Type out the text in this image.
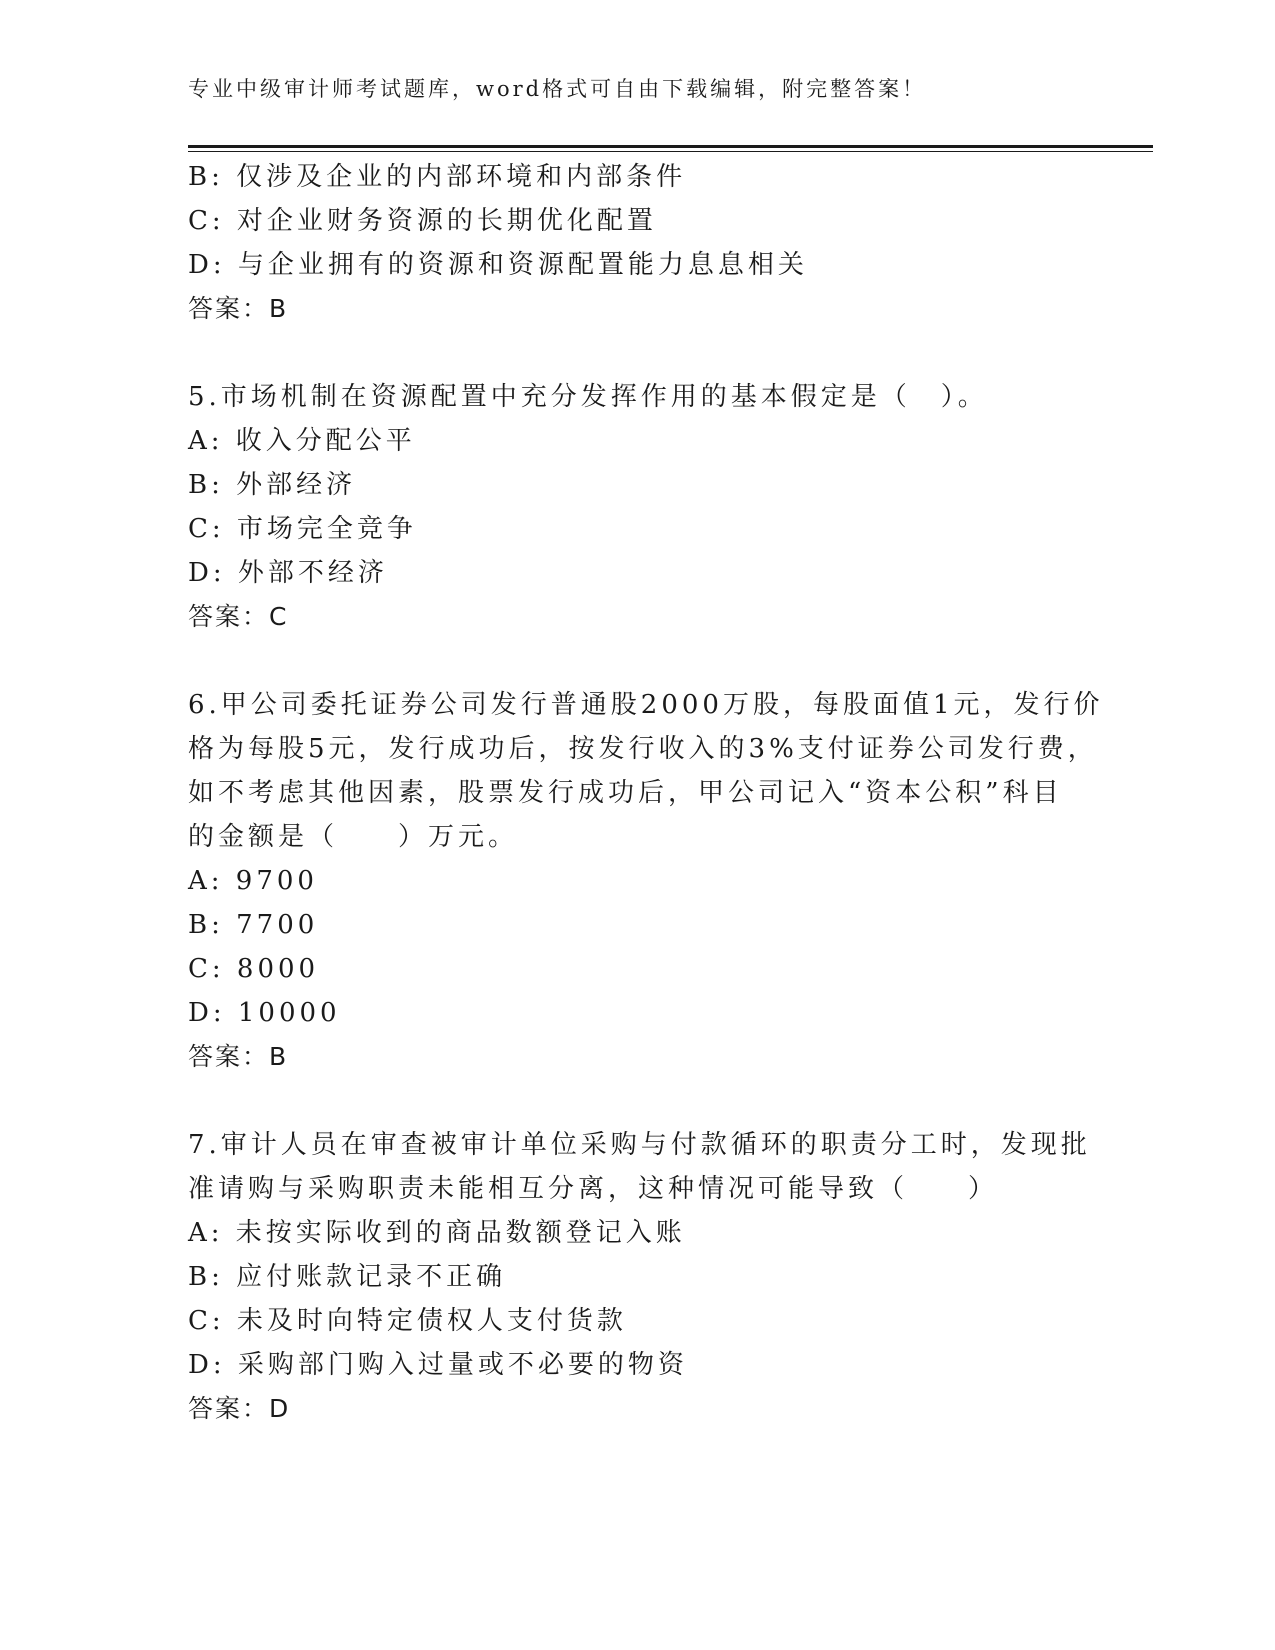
专业中级审计师考试题库，word格式可自由下载编辑，附完整答案！
B: 仅涉及企业的内部环境和内部条件
C: 对企业财务资源的长期优化配置
D: 与企业拥有的资源和资源配置能力息息相关
答案：B
5.市场机制在资源配置中充分发挥作用的基本假定是（　）。
A: 收入分配公平
B: 外部经济
C: 市场完全竞争
D: 外部不经济
答案：C
6.甲公司委托证券公司发行普通股2000万股，每股面值1元，发行价
格为每股5元，发行成功后，按发行收入的3%支付证券公司发行费，
如不考虑其他因素，股票发行成功后，甲公司记入“资本公积”科目
的金额是（　　）万元。
A: 9700
B: 7700
C: 8000
D: 10000
答案：B
7.审计人员在审查被审计单位采购与付款循环的职责分工时，发现批
准请购与采购职责未能相互分离，这种情况可能导致（　　）
A: 未按实际收到的商品数额登记入账
B: 应付账款记录不正确
C: 未及时向特定债权人支付货款
D: 采购部门购入过量或不必要的物资
答案：D
